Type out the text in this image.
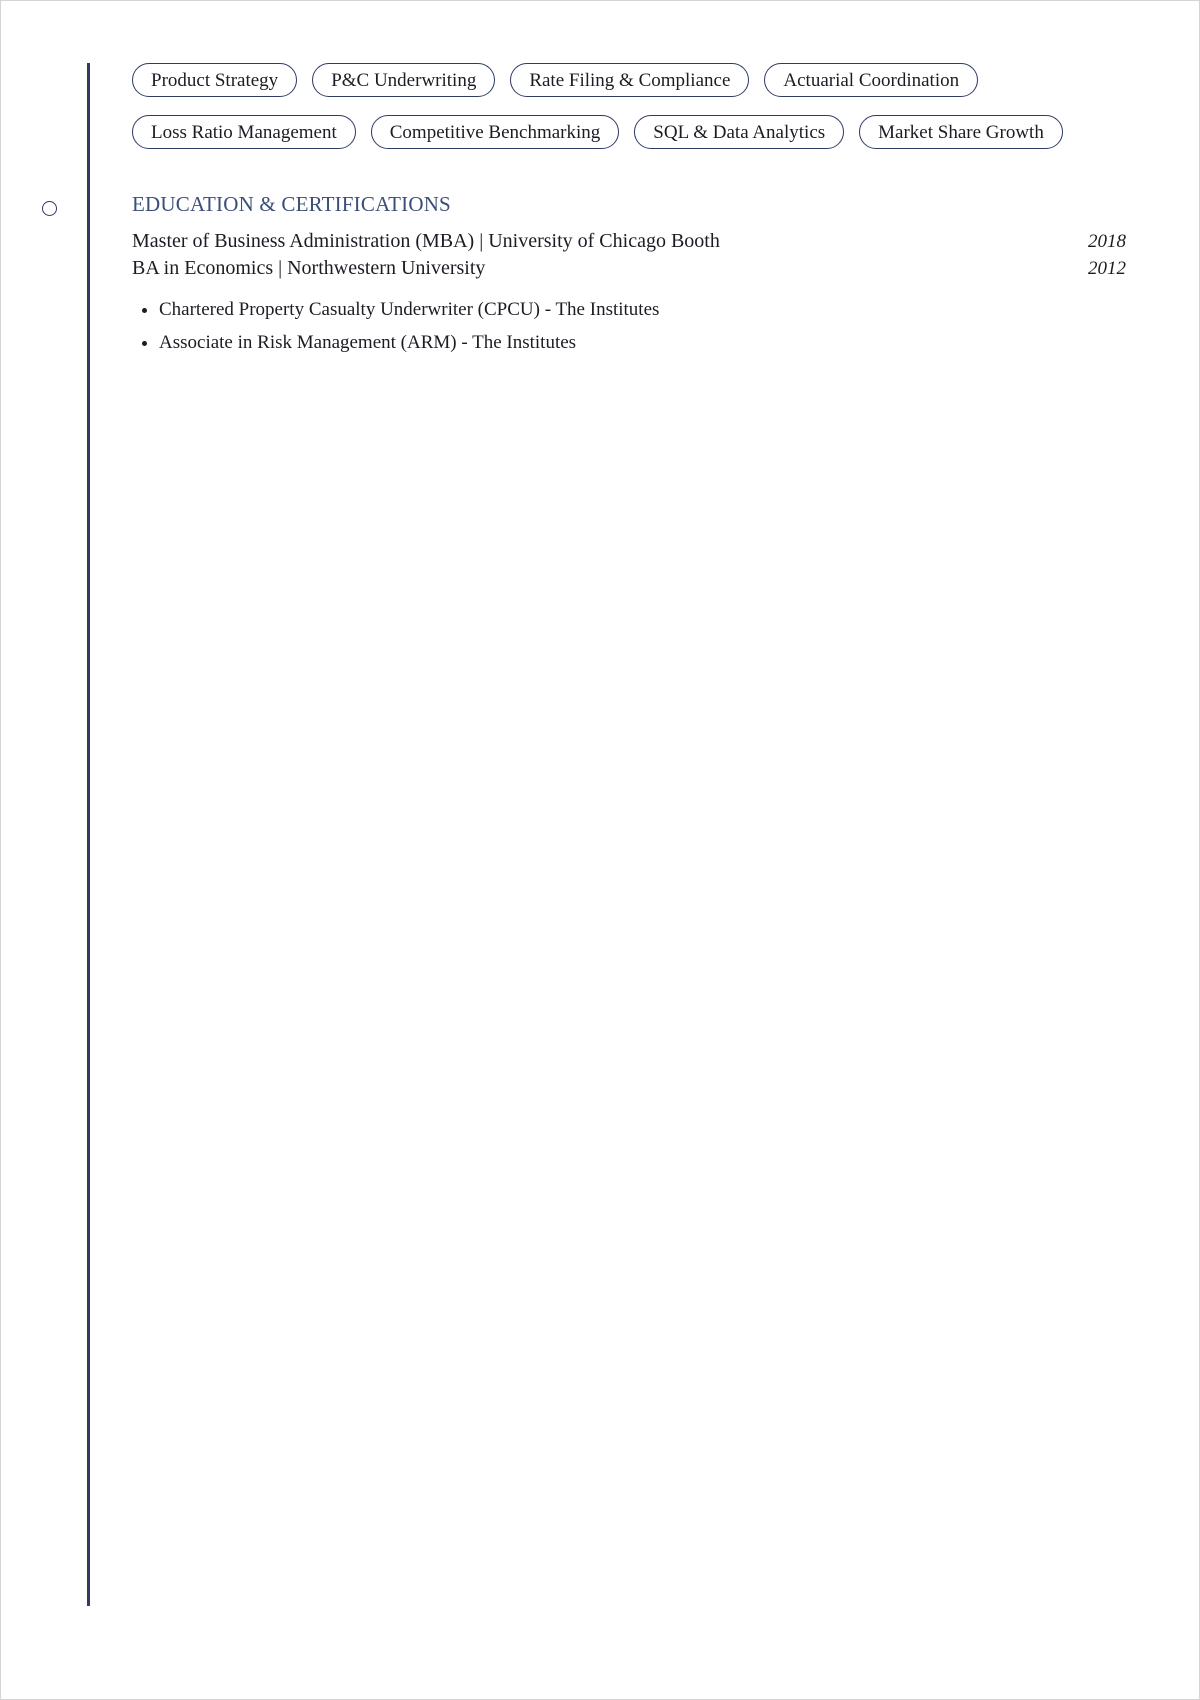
Product Strategy	P&C Underwriting	Rate Filing & Compliance	Actuarial Coordination
Loss Ratio Management	Competitive Benchmarking	SQL & Data Analytics	Market Share Growth
EDUCATION & CERTIFICATIONS
Master of Business Administration (MBA) | University of Chicago Booth	2018
BA in Economics | Northwestern University	2012
• Chartered Property Casualty Underwriter (CPCU) - The Institutes
• Associate in Risk Management (ARM) - The Institutes
